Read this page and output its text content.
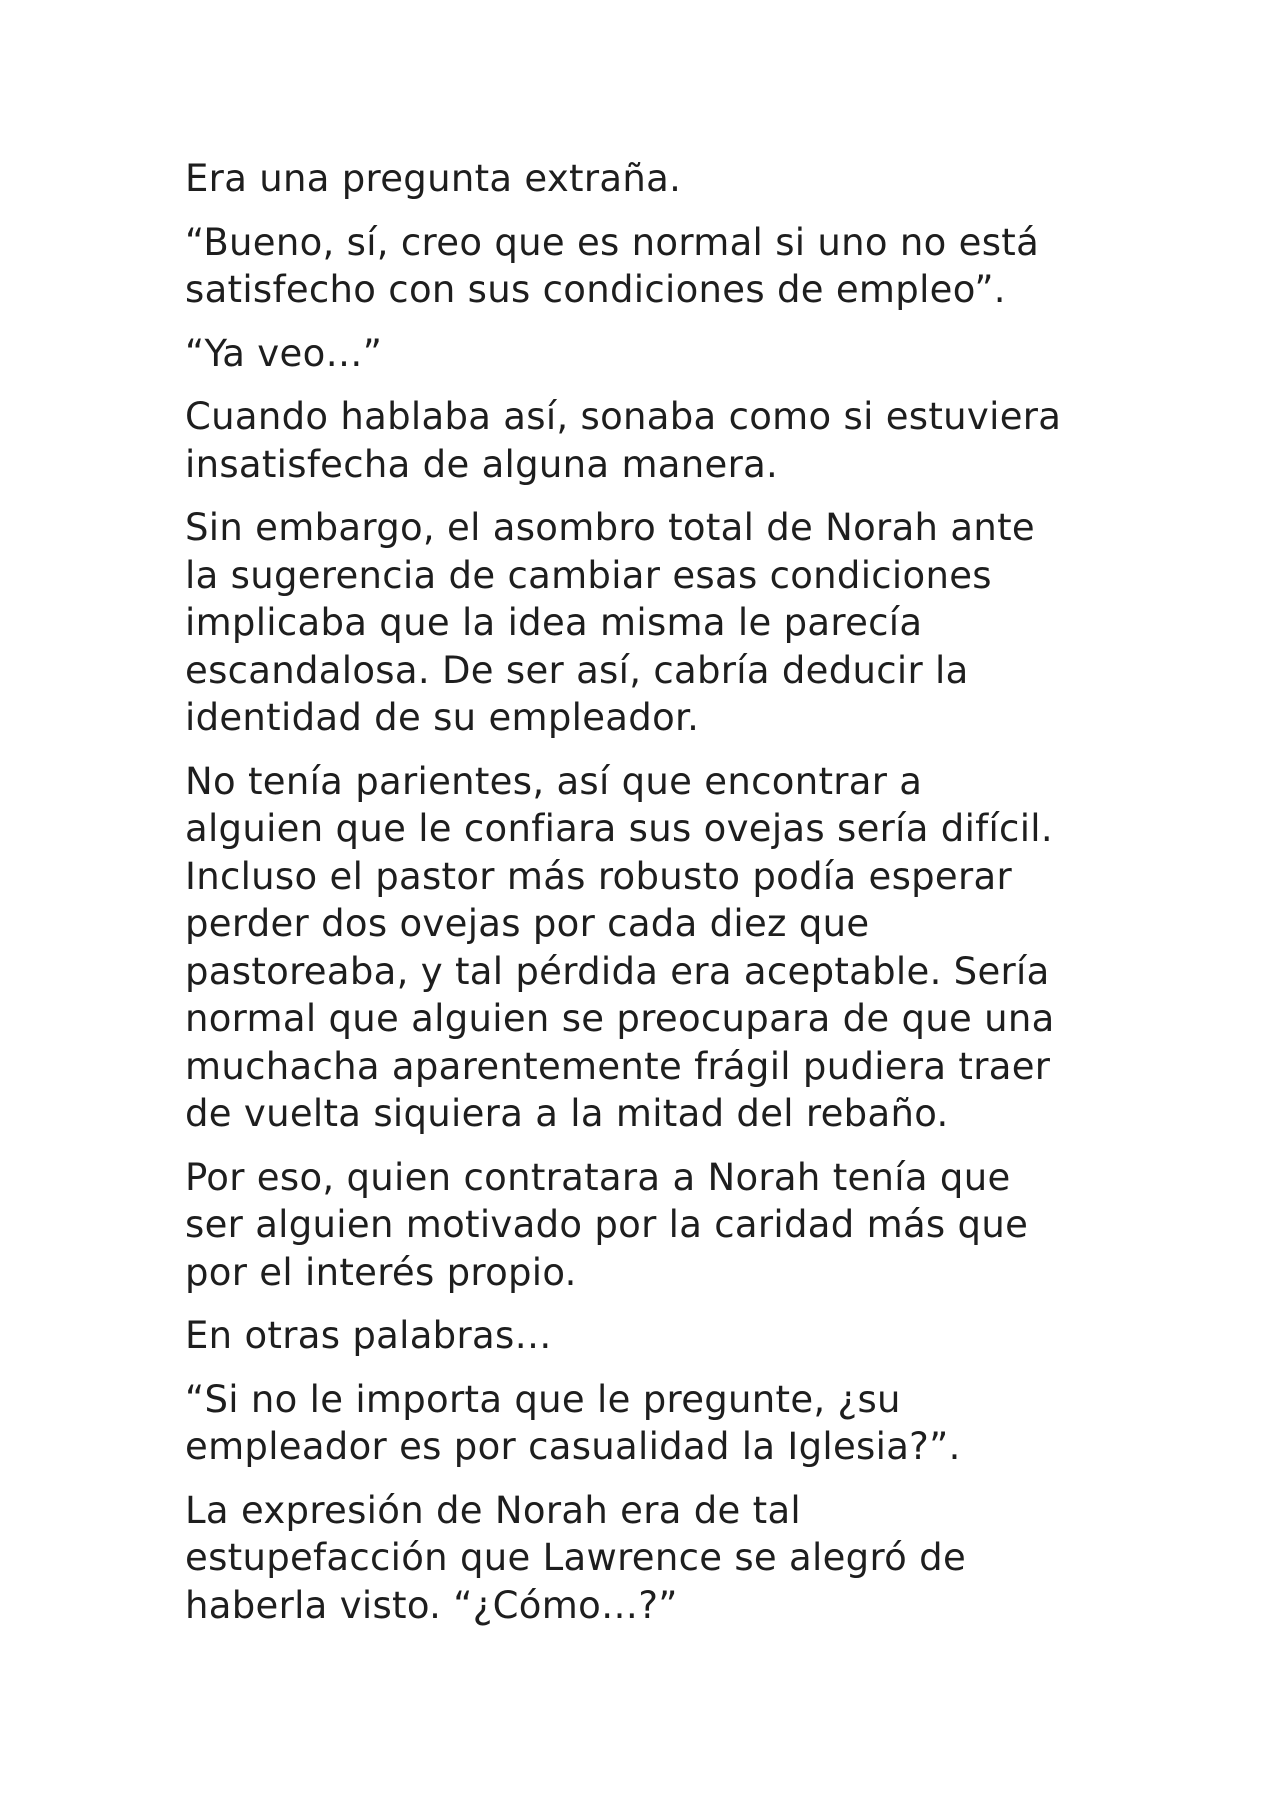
Era una pregunta extraña.

“Bueno, sí, creo que es normal si uno no está
satisfecho con sus condiciones de empleo”.

“Ya veo…”

Cuando hablaba así, sonaba como si estuviera
insatisfecha de alguna manera.

Sin embargo, el asombro total de Norah ante
la sugerencia de cambiar esas condiciones
implicaba que la idea misma le parecía
escandalosa. De ser así, cabría deducir la
identidad de su empleador.

No tenía parientes, así que encontrar a
alguien que le confiara sus ovejas sería difícil.
Incluso el pastor más robusto podía esperar
perder dos ovejas por cada diez que
pastoreaba, y tal pérdida era aceptable. Sería
normal que alguien se preocupara de que una
muchacha aparentemente frágil pudiera traer
de vuelta siquiera a la mitad del rebaño.

Por eso, quien contratara a Norah tenía que
ser alguien motivado por la caridad más que
por el interés propio.

En otras palabras…

“Si no le importa que le pregunte, ¿su
empleador es por casualidad la Iglesia?”.

La expresión de Norah era de tal
estupefacción que Lawrence se alegró de
haberla visto. “¿Cómo…?”
